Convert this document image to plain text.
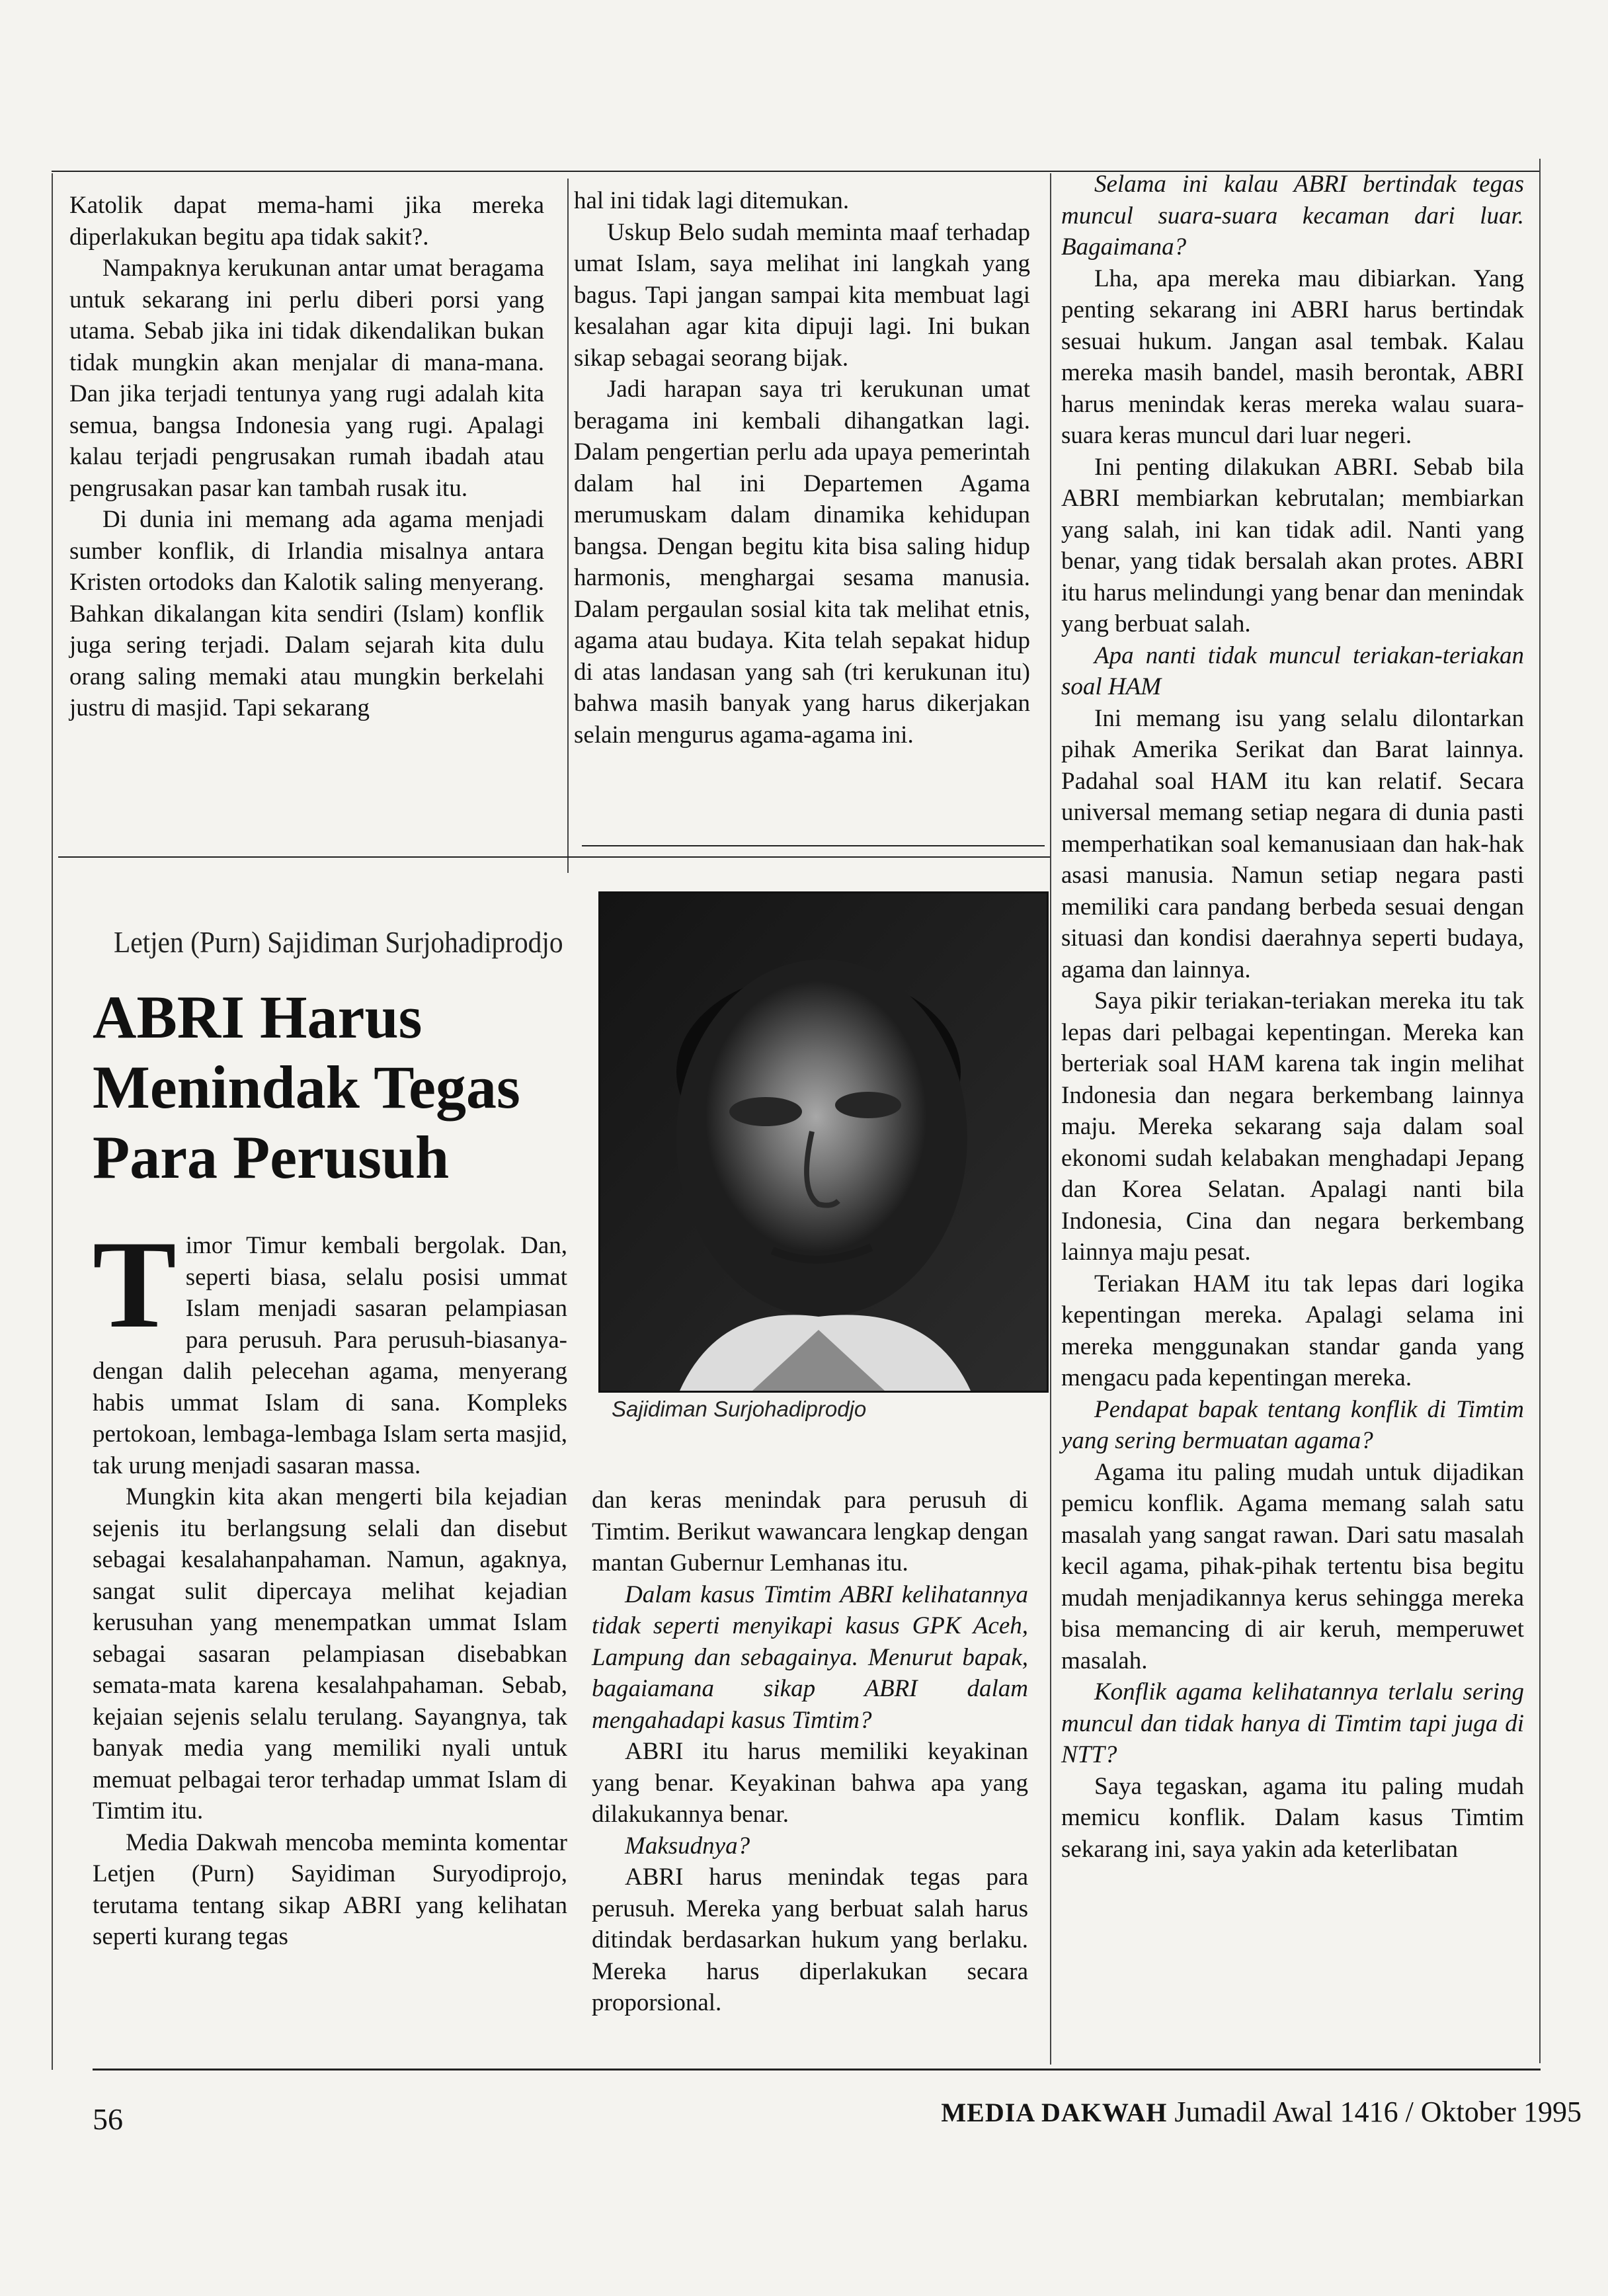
Katolik dapat mema-hami jika mereka diperlakukan begitu apa tidak sakit?.

Nampaknya kerukunan antar umat beragama untuk sekarang ini perlu diberi porsi yang utama. Sebab jika ini tidak dikendalikan bukan tidak mungkin akan menjalar di mana-mana. Dan jika terjadi tentunya yang rugi adalah kita semua, bangsa Indonesia yang rugi. Apalagi kalau terjadi pengrusakan rumah ibadah atau pengrusakan pasar kan tambah rusak itu.

Di dunia ini memang ada agama menjadi sumber konflik, di Irlandia misalnya antara Kristen ortodoks dan Kalotik saling menyerang. Bahkan dikalangan kita sendiri (Islam) konflik juga sering terjadi. Dalam sejarah kita dulu orang saling memaki atau mungkin berkelahi justru di masjid. Tapi sekarang

hal ini tidak lagi ditemukan.

Uskup Belo sudah meminta maaf terhadap umat Islam, saya melihat ini langkah yang bagus. Tapi jangan sampai kita membuat lagi kesalahan agar kita dipuji lagi. Ini bukan sikap sebagai seorang bijak.

Jadi harapan saya tri kerukunan umat beragama ini kembali dihangatkan lagi. Dalam pengertian perlu ada upaya pemerintah dalam hal ini Departemen Agama merumuskam dalam dinamika kehidupan bangsa. Dengan begitu kita bisa saling hidup harmonis, menghargai sesama manusia. Dalam pergaulan sosial kita tak melihat etnis, agama atau budaya. Kita telah sepakat hidup di atas landasan yang sah (tri kerukunan itu) bahwa masih banyak yang harus dikerjakan selain mengurus agama-agama ini.

Letjen (Purn) Sajidiman Surjohadiprodjo
ABRI Harus Menindak Tegas Para Perusuh
Sajidiman Surjohadiprodjo

Timor Timur kembali bergolak. Dan, seperti biasa, selalu posisi ummat Islam menjadi sasaran pelampiasan para perusuh. Para perusuh-biasanya- dengan dalih pelecehan agama, menyerang habis ummat Islam di sana. Kompleks pertokoan, lembaga-lembaga Islam serta masjid, tak urung menjadi sasaran massa.

Mungkin kita akan mengerti bila kejadian sejenis itu berlangsung selali dan disebut sebagai kesalahanpahaman. Namun, agaknya, sangat sulit dipercaya melihat kejadian kerusuhan yang menempatkan ummat Islam sebagai sasaran pelampiasan disebabkan semata-mata karena kesalahpahaman. Sebab, kejaian sejenis selalu terulang. Sayangnya, tak banyak media yang memiliki nyali untuk memuat pelbagai teror terhadap ummat Islam di Timtim itu.

Media Dakwah mencoba meminta komentar Letjen (Purn) Sayidiman Suryodiprojo, terutama tentang sikap ABRI yang kelihatan seperti kurang tegas

dan keras menindak para perusuh di Timtim. Berikut wawancara lengkap dengan mantan Gubernur Lemhanas itu.

Dalam kasus Timtim ABRI kelihatannya tidak seperti menyikapi kasus GPK Aceh, Lampung dan sebagainya. Menurut bapak, bagaiamana sikap ABRI dalam mengahadapi kasus Timtim?

ABRI itu harus memiliki keyakinan yang benar. Keyakinan bahwa apa yang dilakukannya benar.

Maksudnya?

ABRI harus menindak tegas para perusuh. Mereka yang berbuat salah harus ditindak berdasarkan hukum yang berlaku. Mereka harus diperlakukan secara proporsional.

Selama ini kalau ABRI bertindak tegas muncul suara-suara kecaman dari luar. Bagaimana?

Lha, apa mereka mau dibiarkan. Yang penting sekarang ini ABRI harus bertindak sesuai hukum. Jangan asal tembak. Kalau mereka masih bandel, masih berontak, ABRI harus menindak keras mereka walau suara-suara keras muncul dari luar negeri.

Ini penting dilakukan ABRI. Sebab bila ABRI membiarkan kebrutalan; membiarkan yang salah, ini kan tidak adil. Nanti yang benar, yang tidak bersalah akan protes. ABRI itu harus melindungi yang benar dan menindak yang berbuat salah.

Apa nanti tidak muncul teriakan-teriakan soal HAM

Ini memang isu yang selalu dilontarkan pihak Amerika Serikat dan Barat lainnya. Padahal soal HAM itu kan relatif. Secara universal memang setiap negara di dunia pasti memperhatikan soal kemanusiaan dan hak-hak asasi manusia. Namun setiap negara pasti memiliki cara pandang berbeda sesuai dengan situasi dan kondisi daerahnya seperti budaya, agama dan lainnya.

Saya pikir teriakan-teriakan mereka itu tak lepas dari pelbagai kepentingan. Mereka kan berteriak soal HAM karena tak ingin melihat Indonesia dan negara berkembang lainnya maju. Mereka sekarang saja dalam soal ekonomi sudah kelabakan menghadapi Jepang dan Korea Selatan. Apalagi nanti bila Indonesia, Cina dan negara berkembang lainnya maju pesat.

Teriakan HAM itu tak lepas dari logika kepentingan mereka. Apalagi selama ini mereka menggunakan standar ganda yang mengacu pada kepentingan mereka.

Pendapat bapak tentang konflik di Timtim yang sering bermuatan agama?

Agama itu paling mudah untuk dijadikan pemicu konflik. Agama memang salah satu masalah yang sangat rawan. Dari satu masalah kecil agama, pihak-pihak tertentu bisa begitu mudah menjadikannya kerus sehingga mereka bisa memancing di air keruh, memperuwet masalah.

Konflik agama kelihatannya terlalu sering muncul dan tidak hanya di Timtim tapi juga di NTT?

Saya tegaskan, agama itu paling mudah memicu konflik. Dalam kasus Timtim sekarang ini, saya yakin ada keterlibatan

56	MEDIA DAKWAH Jumadil Awal 1416 / Oktober 1995
